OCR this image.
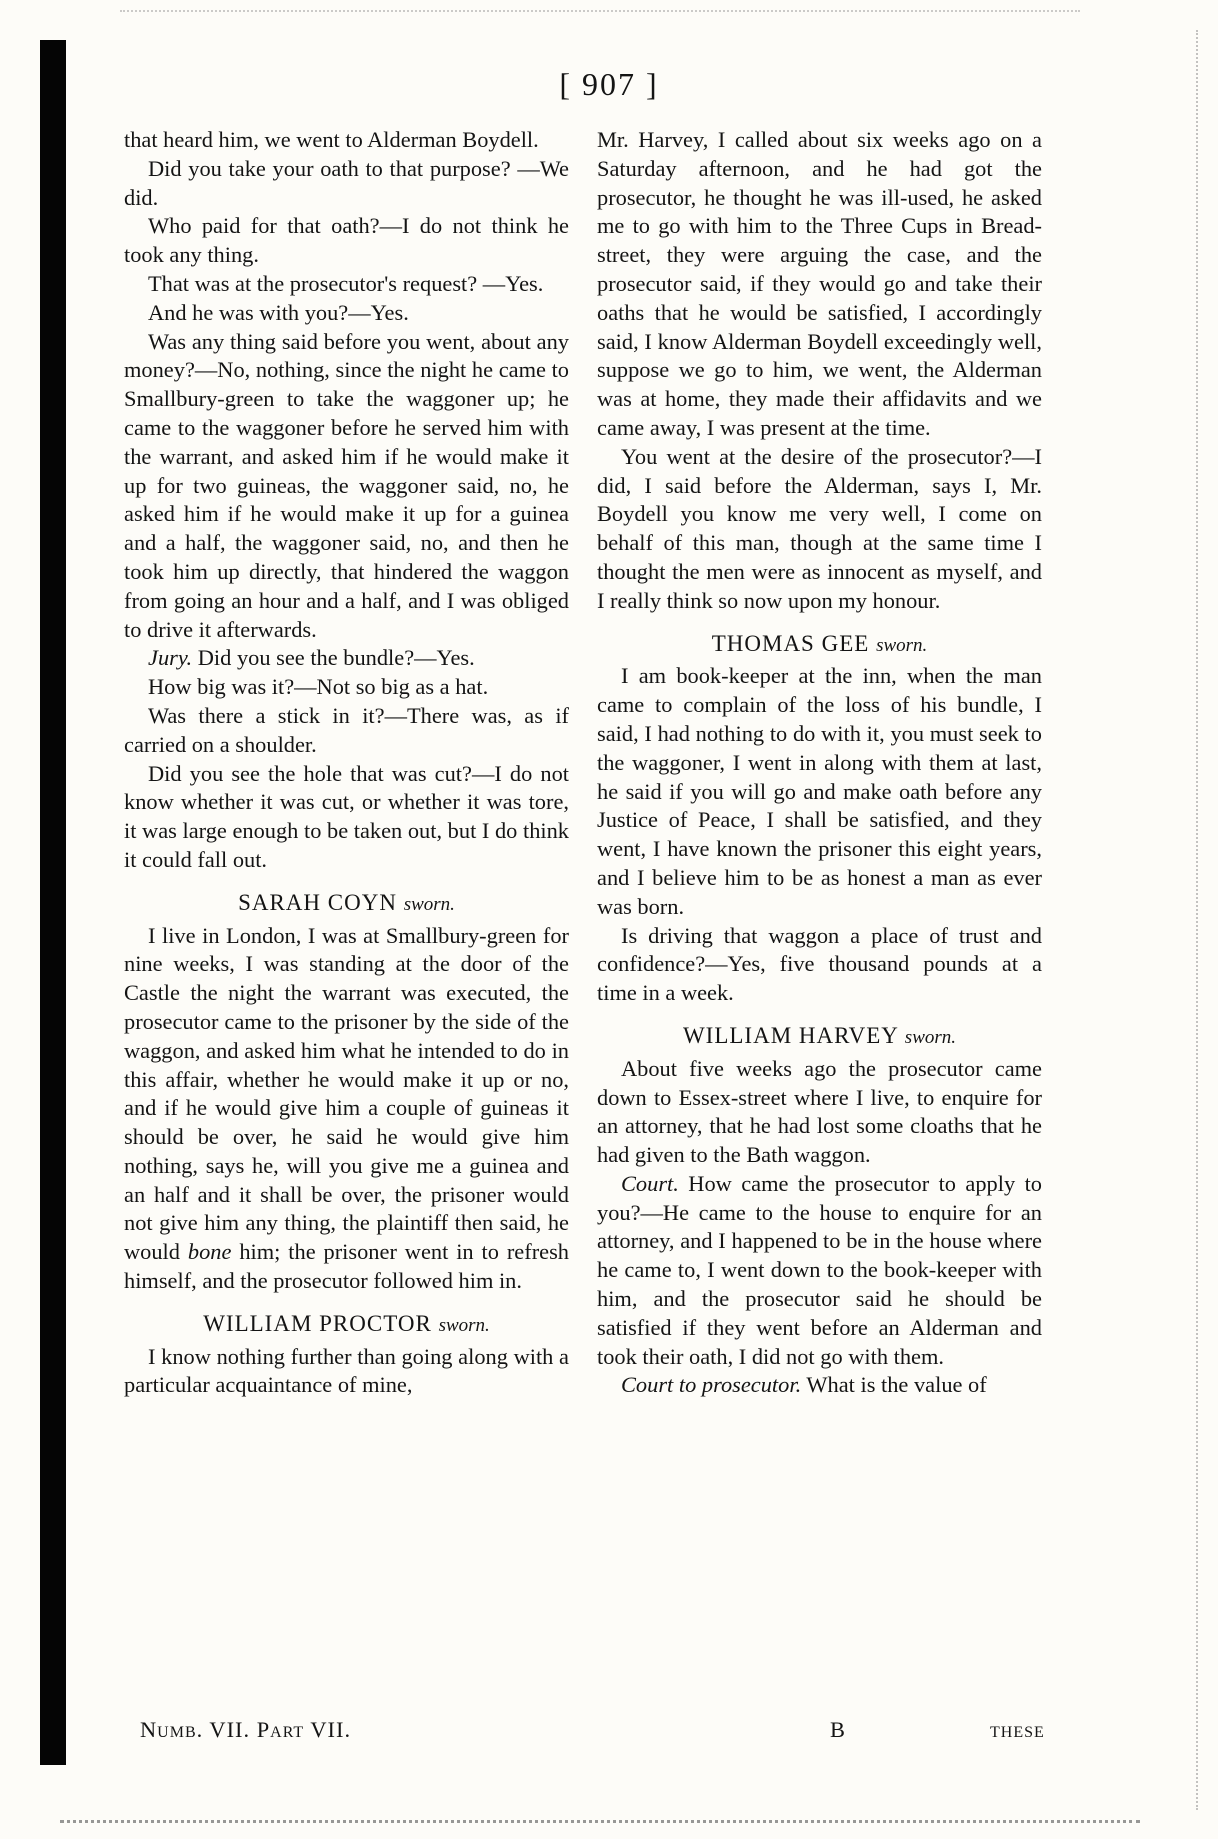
[ 907 ]

that heard him, we went to Alderman Boydell.

Did you take your oath to that purpose? —We did.

Who paid for that oath?—I do not think he took any thing.

That was at the prosecutor's request? —Yes.

And he was with you?—Yes.

Was any thing said before you went, about any money?—No, nothing, since the night he came to Smallbury-green to take the waggoner up; he came to the waggoner before he served him with the warrant, and asked him if he would make it up for two guineas, the waggoner said, no, he asked him if he would make it up for a guinea and a half, the waggoner said, no, and then he took him up directly, that hindered the waggon from going an hour and a half, and I was obliged to drive it afterwards.

Jury. Did you see the bundle?—Yes.

How big was it?—Not so big as a hat.

Was there a stick in it?—There was, as if carried on a shoulder.

Did you see the hole that was cut?—I do not know whether it was cut, or whether it was tore, it was large enough to be taken out, but I do think it could fall out.

SARAH COYN sworn.

I live in London, I was at Smallbury-green for nine weeks, I was standing at the door of the Castle the night the warrant was executed, the prosecutor came to the prisoner by the side of the waggon, and asked him what he intended to do in this affair, whether he would make it up or no, and if he would give him a couple of guineas it should be over, he said he would give him nothing, says he, will you give me a guinea and an half and it shall be over, the prisoner would not give him any thing, the plaintiff then said, he would bone him; the prisoner went in to refresh himself, and the prosecutor followed him in.

WILLIAM PROCTOR sworn.

I know nothing further than going along with a particular acquaintance of mine,

Mr. Harvey, I called about six weeks ago on a Saturday afternoon, and he had got the prosecutor, he thought he was ill-used, he asked me to go with him to the Three Cups in Bread-street, they were arguing the case, and the prosecutor said, if they would go and take their oaths that he would be satisfied, I accordingly said, I know Alderman Boydell exceedingly well, suppose we go to him, we went, the Alderman was at home, they made their affidavits and we came away, I was present at the time.

You went at the desire of the prosecutor?—I did, I said before the Alderman, says I, Mr. Boydell you know me very well, I come on behalf of this man, though at the same time I thought the men were as innocent as myself, and I really think so now upon my honour.

THOMAS GEE sworn.

I am book-keeper at the inn, when the man came to complain of the loss of his bundle, I said, I had nothing to do with it, you must seek to the waggoner, I went in along with them at last, he said if you will go and make oath before any Justice of Peace, I shall be satisfied, and they went, I have known the prisoner this eight years, and I believe him to be as honest a man as ever was born.

Is driving that waggon a place of trust and confidence?—Yes, five thousand pounds at a time in a week.

WILLIAM HARVEY sworn.

About five weeks ago the prosecutor came down to Essex-street where I live, to enquire for an attorney, that he had lost some cloaths that he had given to the Bath waggon.

Court. How came the prosecutor to apply to you?—He came to the house to enquire for an attorney, and I happened to be in the house where he came to, I went down to the book-keeper with him, and the prosecutor said he should be satisfied if they went before an Alderman and took their oath, I did not go with them.

Court to prosecutor. What is the value of

Numb. VII. Part VII.	B	these
